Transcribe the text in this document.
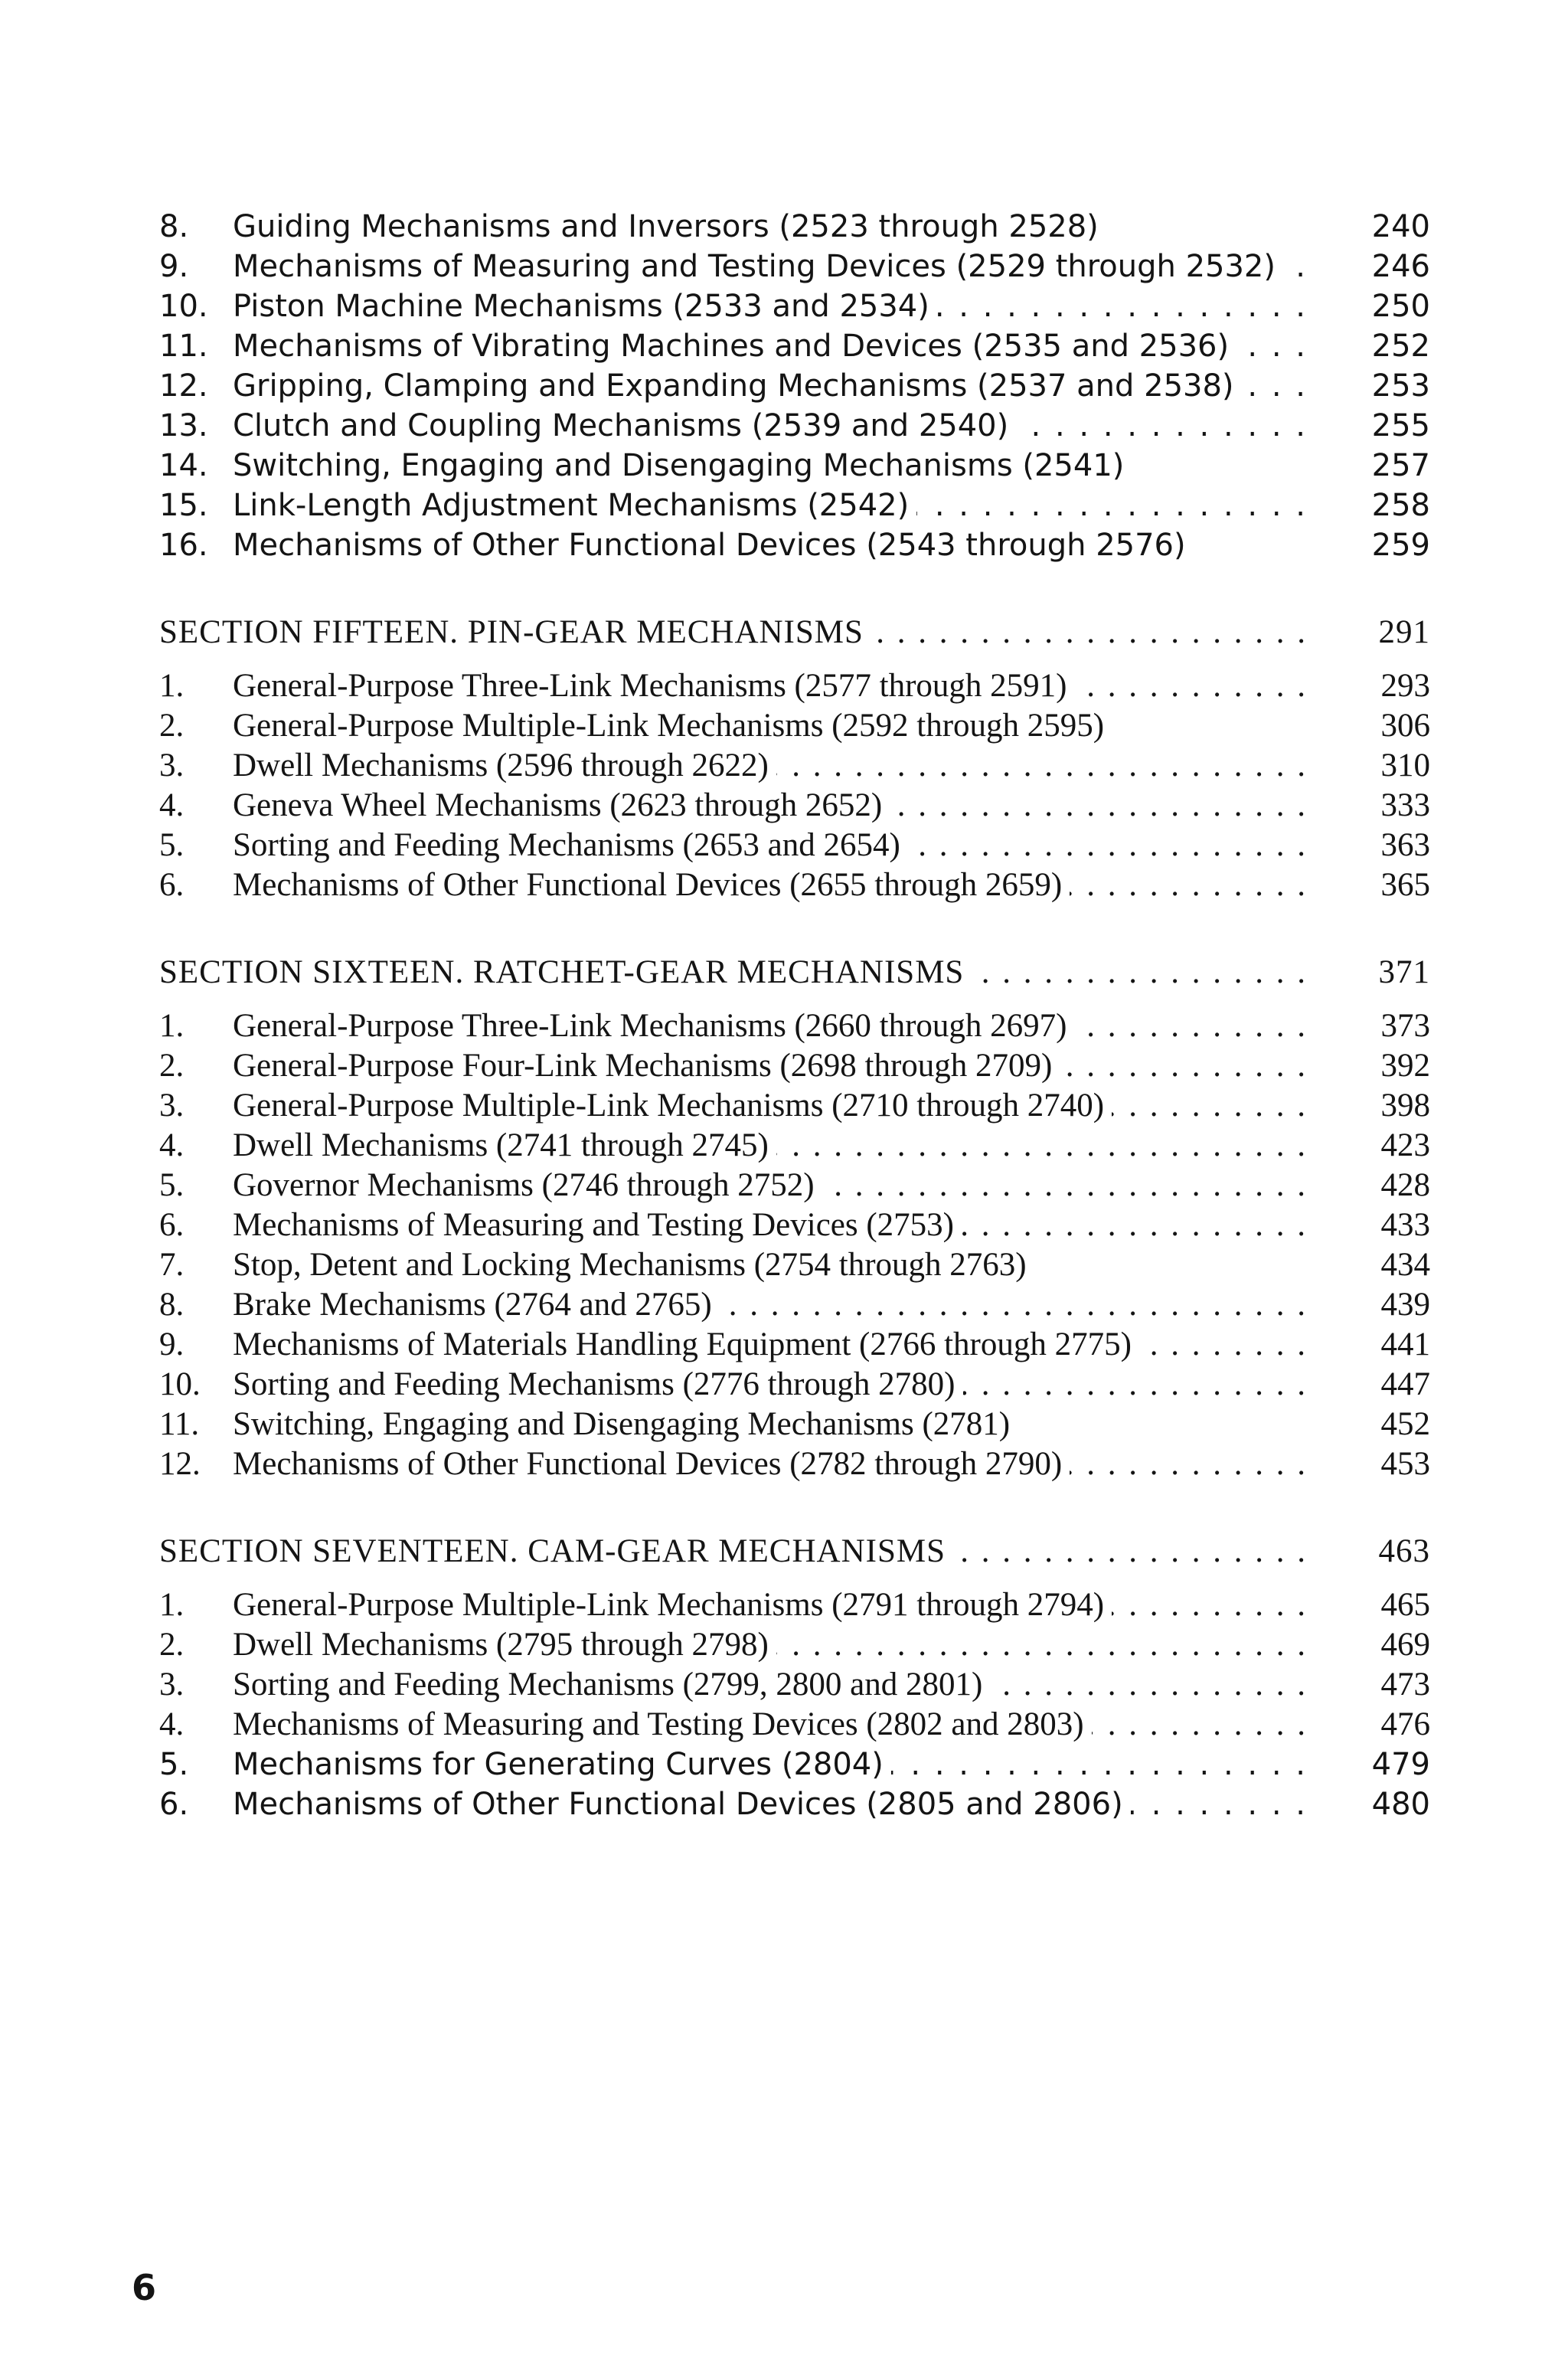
8.	Guiding Mechanisms and Inversors (2523 through 2528)	240
9.	Mechanisms of Measuring and Testing Devices (2529 through 2532) . . .	246
10. Piston Machine Mechanisms (2533 and 2534) . . .	250
11. Mechanisms of Vibrating Machines and Devices (2535 and 2536) . . .	252
12. Gripping, Clamping and Expanding Mechanisms (2537 and 2538) . . .	253
13. Clutch and Coupling Mechanisms (2539 and 2540) . . .	255
14. Switching, Engaging and Disengaging Mechanisms (2541)	257
15. Link-Length Adjustment Mechanisms (2542) . . .	258
16. Mechanisms of Other Functional Devices (2543 through 2576)	259
SECTION FIFTEEN. PIN-GEAR MECHANISMS . . .	291
1.	General-Purpose Three-Link Mechanisms (2577 through 2591) . . .	293
2.	General-Purpose Multiple-Link Mechanisms (2592 through 2595)	306
3.	Dwell Mechanisms (2596 through 2622) . . .	310
4.	Geneva Wheel Mechanisms (2623 through 2652) . . .	333
5.	Sorting and Feeding Mechanisms (2653 and 2654) . . .	363
6.	Mechanisms of Other Functional Devices (2655 through 2659) . . .	365
SECTION SIXTEEN. RATCHET-GEAR MECHANISMS . . .	371
1.	General-Purpose Three-Link Mechanisms (2660 through 2697) . . .	373
2.	General-Purpose Four-Link Mechanisms (2698 through 2709) . . .	392
3.	General-Purpose Multiple-Link Mechanisms (2710 through 2740) . . .	398
4.	Dwell Mechanisms (2741 through 2745) . . .	423
5.	Governor Mechanisms (2746 through 2752) . . .	428
6.	Mechanisms of Measuring and Testing Devices (2753) . . .	433
7.	Stop, Detent and Locking Mechanisms (2754 through 2763)	434
8.	Brake Mechanisms (2764 and 2765) . . .	439
9.	Mechanisms of Materials Handling Equipment (2766 through 2775) . . .	441
10. Sorting and Feeding Mechanisms (2776 through 2780) . . .	447
11.	Switching, Engaging and Disengaging Mechanisms (2781)	452
12. Mechanisms of Other Functional Devices (2782 through 2790) . . .	453
SECTION SEVENTEEN. CAM-GEAR MECHANISMS . . .	463
1.	General-Purpose Multiple-Link Mechanisms (2791 through 2794) . . .	465
2.	Dwell Mechanisms (2795 through 2798) . . .	469
3.	Sorting and Feeding Mechanisms (2799, 2800 and 2801) . . .	473
4.	Mechanisms of Measuring and Testing Devices (2802 and 2803) . . .	476
5.	Mechanisms for Generating Curves (2804) . . .	479
6.	Mechanisms of Other Functional Devices (2805 and 2806) . . .	480
6
